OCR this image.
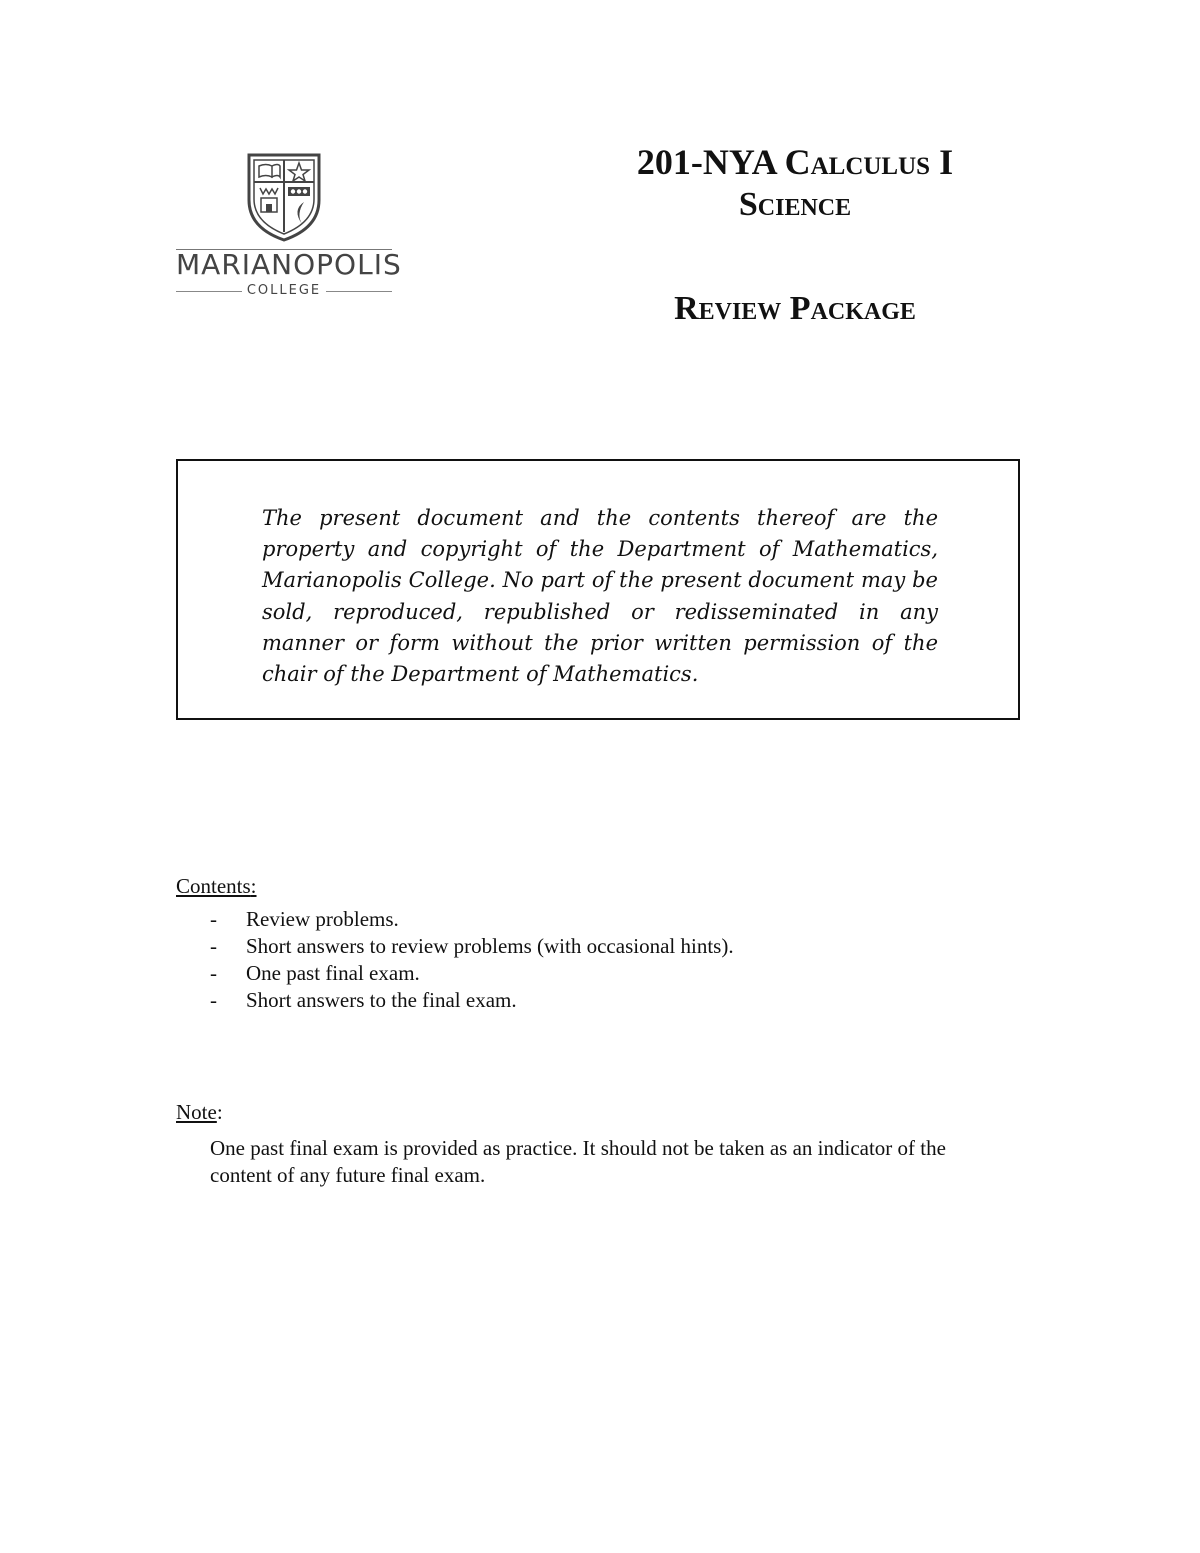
MARIANOPOLIS
COLLEGE
201-NYA Calculus I
Science
Review Package

The present document and the contents thereof are the property and copyright of the Department of Mathematics, Marianopolis College. No part of the present document may be sold, reproduced, republished or redisseminated in any manner or form without the prior written permission of the chair of the Department of Mathematics.

Contents:
- Review problems.
- Short answers to review problems (with occasional hints).
- One past final exam.
- Short answers to the final exam.
Note:

One past final exam is provided as practice. It should not be taken as an indicator of the content of any future final exam.
